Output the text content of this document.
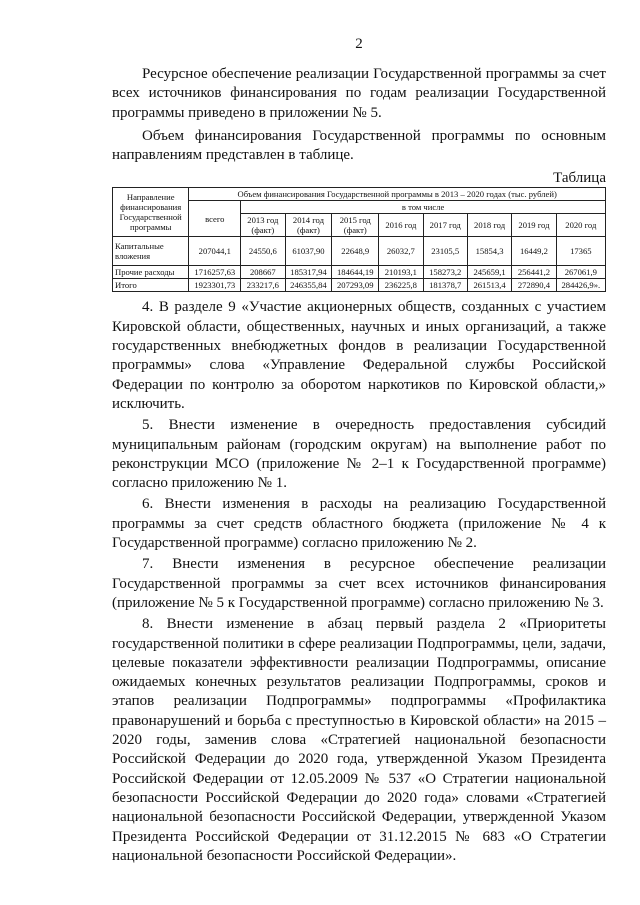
2

Ресурсное обеспечение реализации Государственной программы за счет всех источников финансирования по годам реализации Государственной программы приведено в приложении № 5.

Объем финансирования Государственной программы по основным направлениям представлен в таблице.

Таблица
Направление финансирования Государственной программы	Объем финансирования Государственной программы в 2013 – 2020 годах (тыс. рублей)								
	всего	в том числе							
		2013 год (факт)	2014 год (факт)	2015 год (факт)	2016 год	2017 год	2018 год	2019 год	2020 год
Капитальные вложения	207044,1	24550,6	61037,90	22648,9	26032,7	23105,5	15854,3	16449,2	17365
Прочие расходы	1716257,63	208667	185317,94	184644,19	210193,1	158273,2	245659,1	256441,2	267061,9
Итого	1923301,73	233217,6	246355,84	207293,09	236225,8	181378,7	261513,4	272890,4	284426,9».

4. В разделе 9 «Участие акционерных обществ, созданных с участием Кировской области, общественных, научных и иных организаций, а также государственных внебюджетных фондов в реализации Государственной программы» слова «Управление Федеральной службы Российской Федерации по контролю за оборотом наркотиков по Кировской области,» исключить.

5. Внести изменение в очередность предоставления субсидий муниципальным районам (городским округам) на выполнение работ по реконструкции МСО (приложение № 2–1 к Государственной программе) согласно приложению № 1.

6. Внести изменения в расходы на реализацию Государственной программы за счет средств областного бюджета (приложение № 4 к Государственной программе) согласно приложению № 2.

7. Внести изменения в ресурсное обеспечение реализации Государственной программы за счет всех источников финансирования (приложение № 5 к Государственной программе) согласно приложению № 3.

8. Внести изменение в абзац первый раздела 2 «Приоритеты государственной политики в сфере реализации Подпрограммы, цели, задачи, целевые показатели эффективности реализации Подпрограммы, описание ожидаемых конечных результатов реализации Подпрограммы, сроков и этапов реализации Подпрограммы» подпрограммы «Профилактика правонарушений и борьба с преступностью в Кировской области» на 2015 – 2020 годы, заменив слова «Стратегией национальной безопасности Российской Федерации до 2020 года, утвержденной Указом Президента Российской Федерации от 12.05.2009 № 537 «О Стратегии национальной безопасности Российской Федерации до 2020 года» словами «Стратегией национальной безопасности Российской Федерации, утвержденной Указом Президента Российской Федерации от 31.12.2015 № 683 «О Стратегии национальной безопасности Российской Федерации».
